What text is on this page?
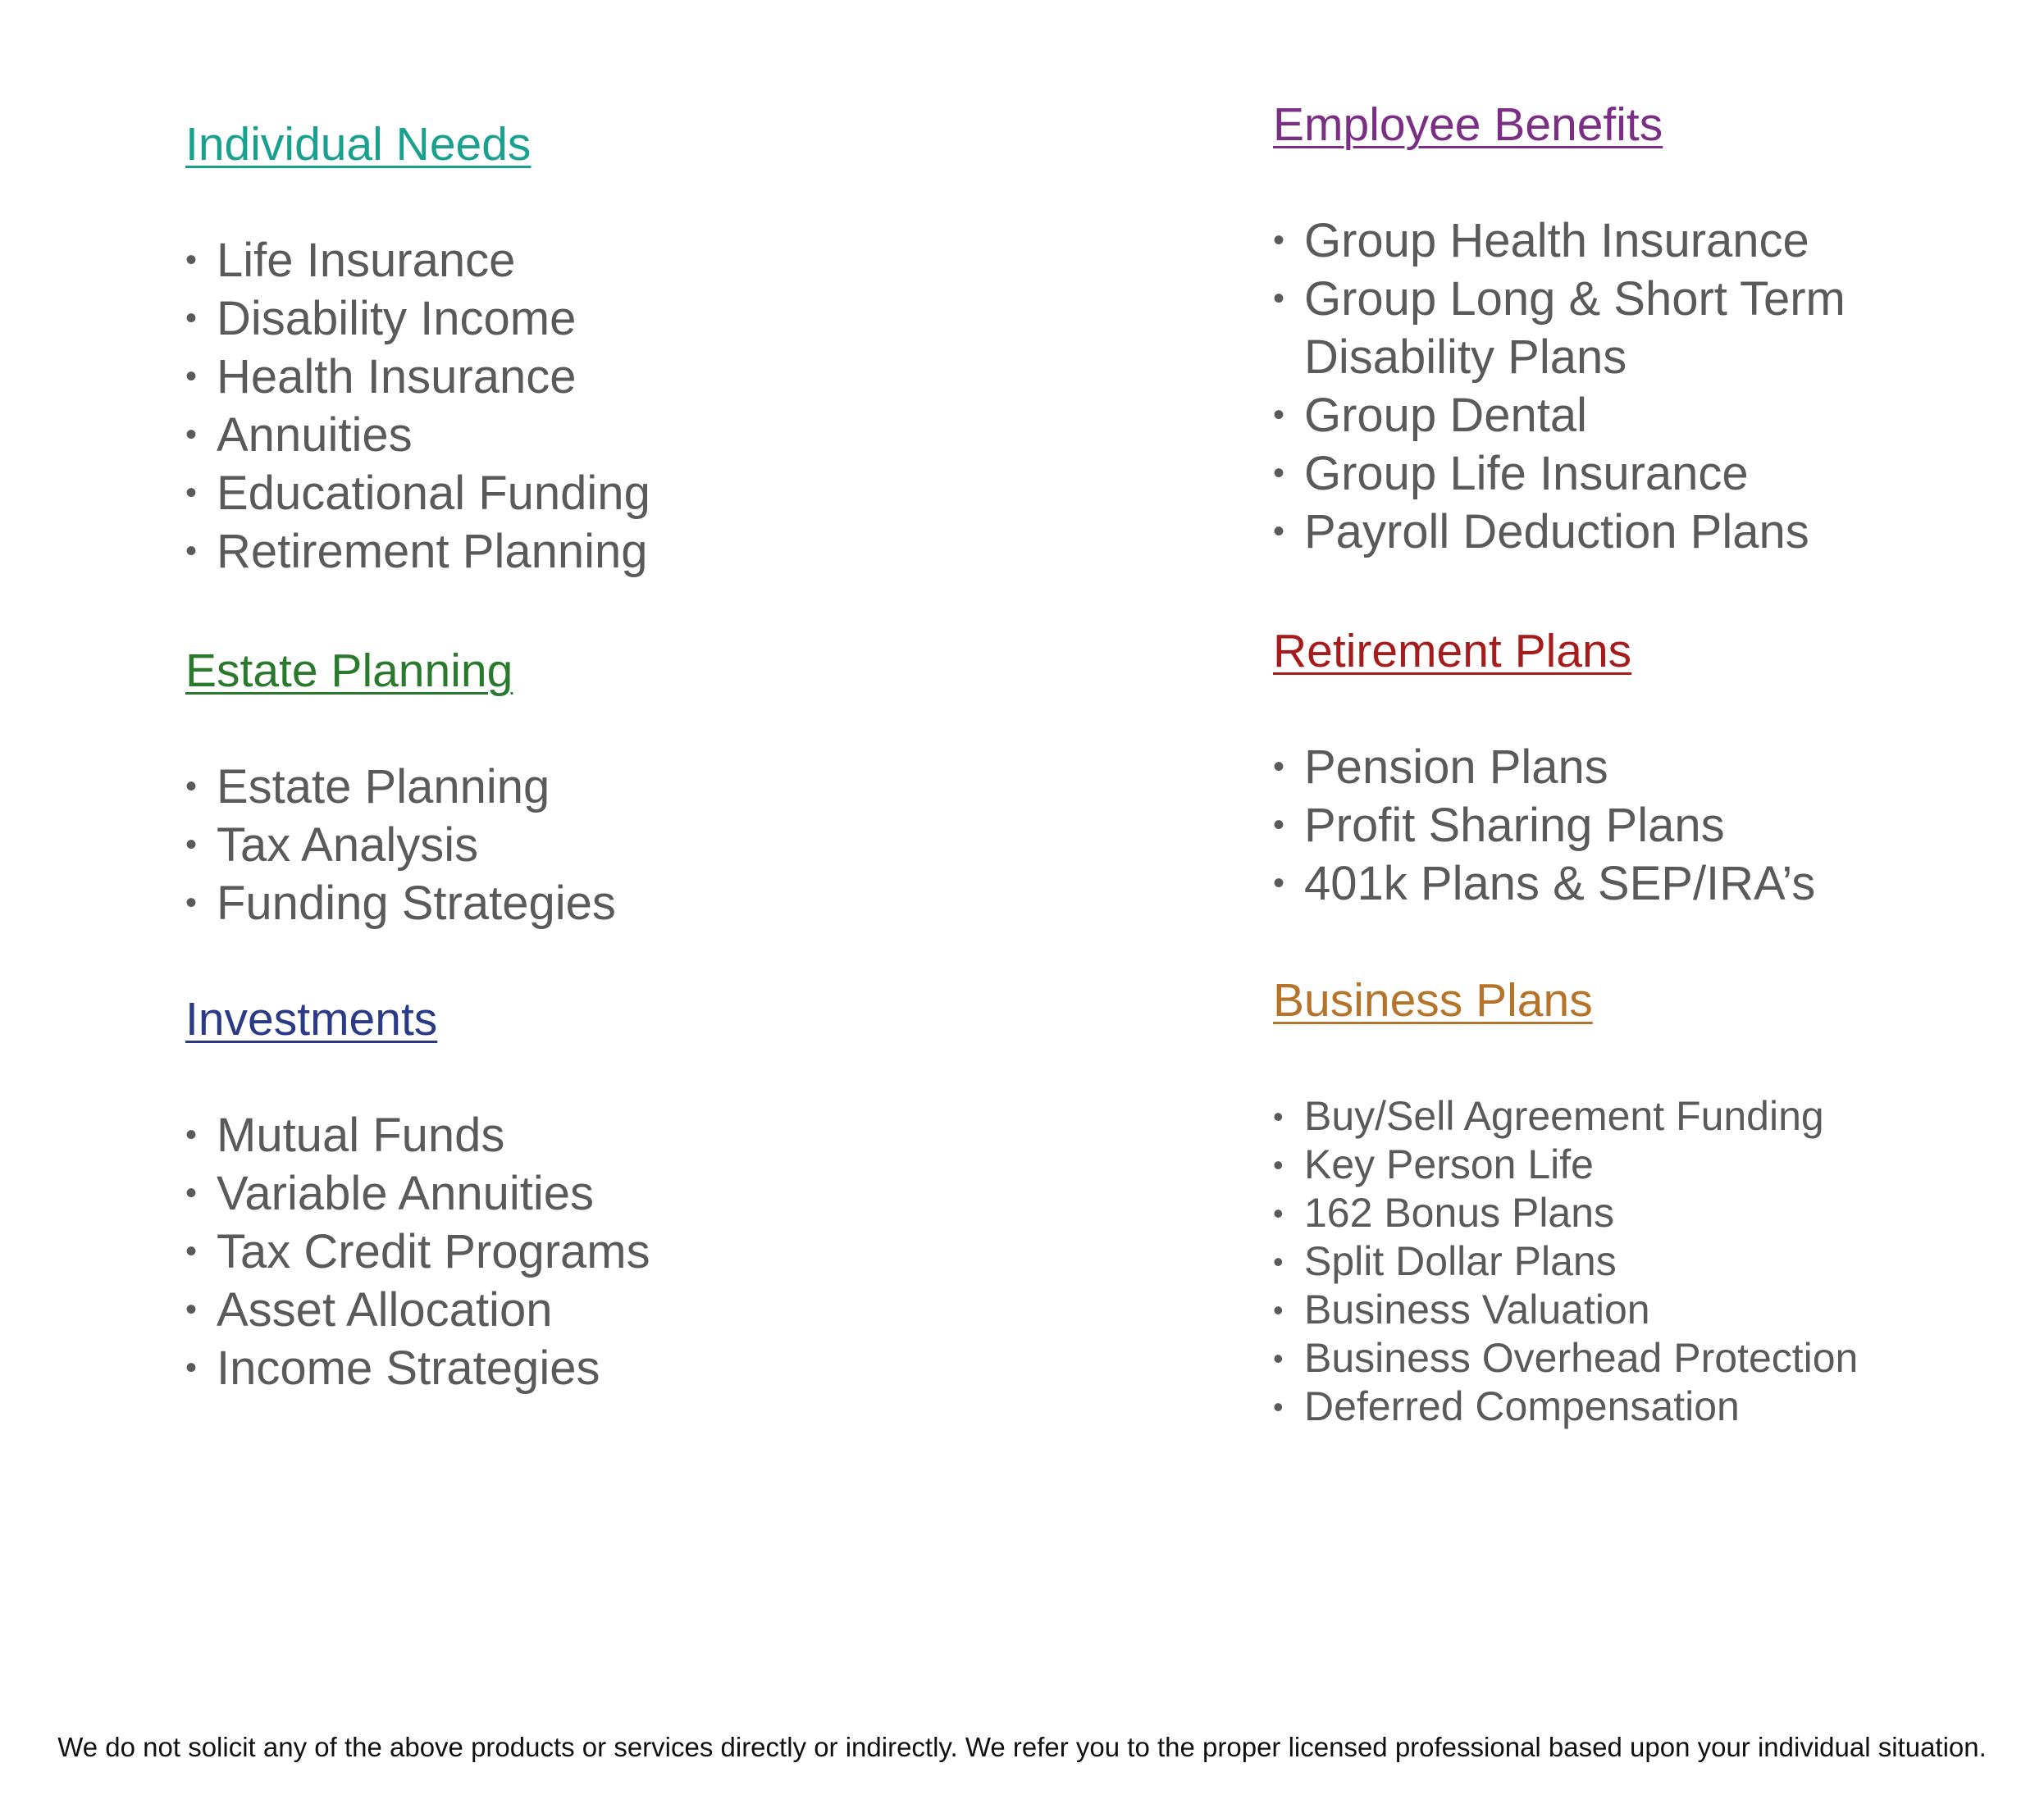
Individual Needs
• Life Insurance
• Disability Income
• Health Insurance
• Annuities
• Educational Funding
• Retirement Planning
Estate Planning
• Estate Planning
• Tax Analysis
• Funding Strategies
Investments
• Mutual Funds
• Variable Annuities
• Tax Credit Programs
• Asset Allocation
• Income Strategies
Employee Benefits
• Group Health Insurance
• Group Long & Short Term
Disability Plans
• Group Dental
• Group Life Insurance
• Payroll Deduction Plans
Retirement Plans
• Pension Plans
• Profit Sharing Plans
• 401k Plans & SEP/IRA’s
Business Plans
• Buy/Sell Agreement Funding
• Key Person Life
• 162 Bonus Plans
• Split Dollar Plans
• Business Valuation
• Business Overhead Protection
• Deferred Compensation
We do not solicit any of the above products or services directly or indirectly. We refer you to the proper licensed professional based upon your individual situation.
